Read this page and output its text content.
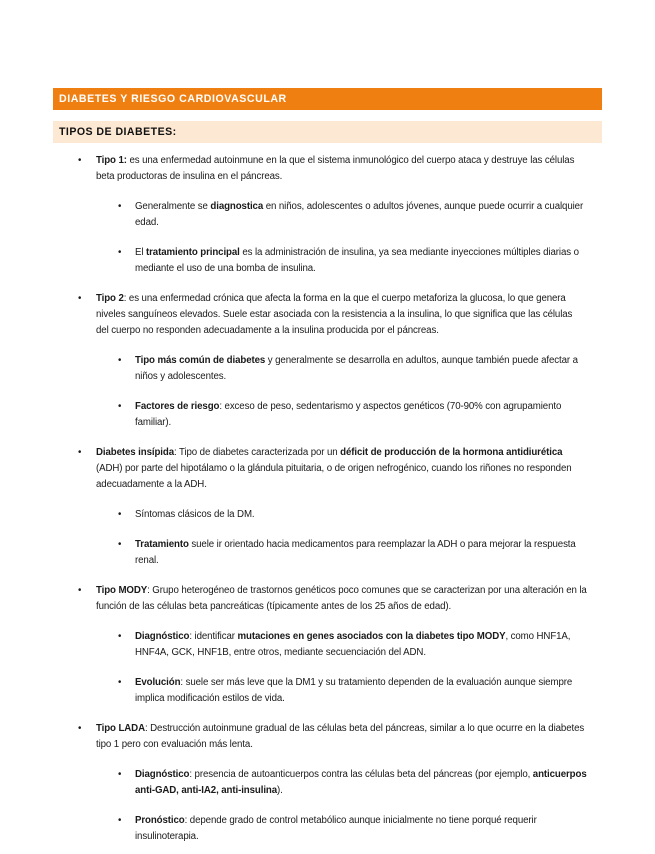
DIABETES Y RIESGO CARDIOVASCULAR
TIPOS DE DIABETES:
• Tipo 1: es una enfermedad autoinmune en la que el sistema inmunológico del cuerpo ataca y destruye las células beta productoras de insulina en el páncreas.
• Generalmente se diagnostica en niños, adolescentes o adultos jóvenes, aunque puede ocurrir a cualquier edad.
• El tratamiento principal es la administración de insulina, ya sea mediante inyecciones múltiples diarias o mediante el uso de una bomba de insulina.
• Tipo 2: es una enfermedad crónica que afecta la forma en la que el cuerpo metaforiza la glucosa, lo que genera niveles sanguíneos elevados. Suele estar asociada con la resistencia a la insulina, lo que significa que las células del cuerpo no responden adecuadamente a la insulina producida por el páncreas.
• Tipo más común de diabetes y generalmente se desarrolla en adultos, aunque también puede afectar a niños y adolescentes.
• Factores de riesgo: exceso de peso, sedentarismo y aspectos genéticos (70-90% con agrupamiento familiar).
• Diabetes insípida: Tipo de diabetes caracterizada por un déficit de producción de la hormona antidiurética (ADH) por parte del hipotálamo o la glándula pituitaria, o de origen nefrogénico, cuando los riñones no responden adecuadamente a la ADH.
• Síntomas clásicos de la DM.
• Tratamiento suele ir orientado hacia medicamentos para reemplazar la ADH o para mejorar la respuesta renal.
• Tipo MODY: Grupo heterogéneo de trastornos genéticos poco comunes que se caracterizan por una alteración en la función de las células beta pancreáticas (típicamente antes de los 25 años de edad).
• Diagnóstico: identificar mutaciones en genes asociados con la diabetes tipo MODY, como HNF1A, HNF4A, GCK, HNF1B, entre otros, mediante secuenciación del ADN.
• Evolución: suele ser más leve que la DM1 y su tratamiento dependen de la evaluación aunque siempre implica modificación estilos de vida.
• Tipo LADA: Destrucción autoinmune gradual de las células beta del páncreas, similar a lo que ocurre en la diabetes tipo 1 pero con evaluación más lenta.
• Diagnóstico: presencia de autoanticuerpos contra las células beta del páncreas (por ejemplo, anticuerpos anti-GAD, anti-IA2, anti-insulina).
• Pronóstico: depende grado de control metabólico aunque inicialmente no tiene porqué requerir insulinoterapia.
